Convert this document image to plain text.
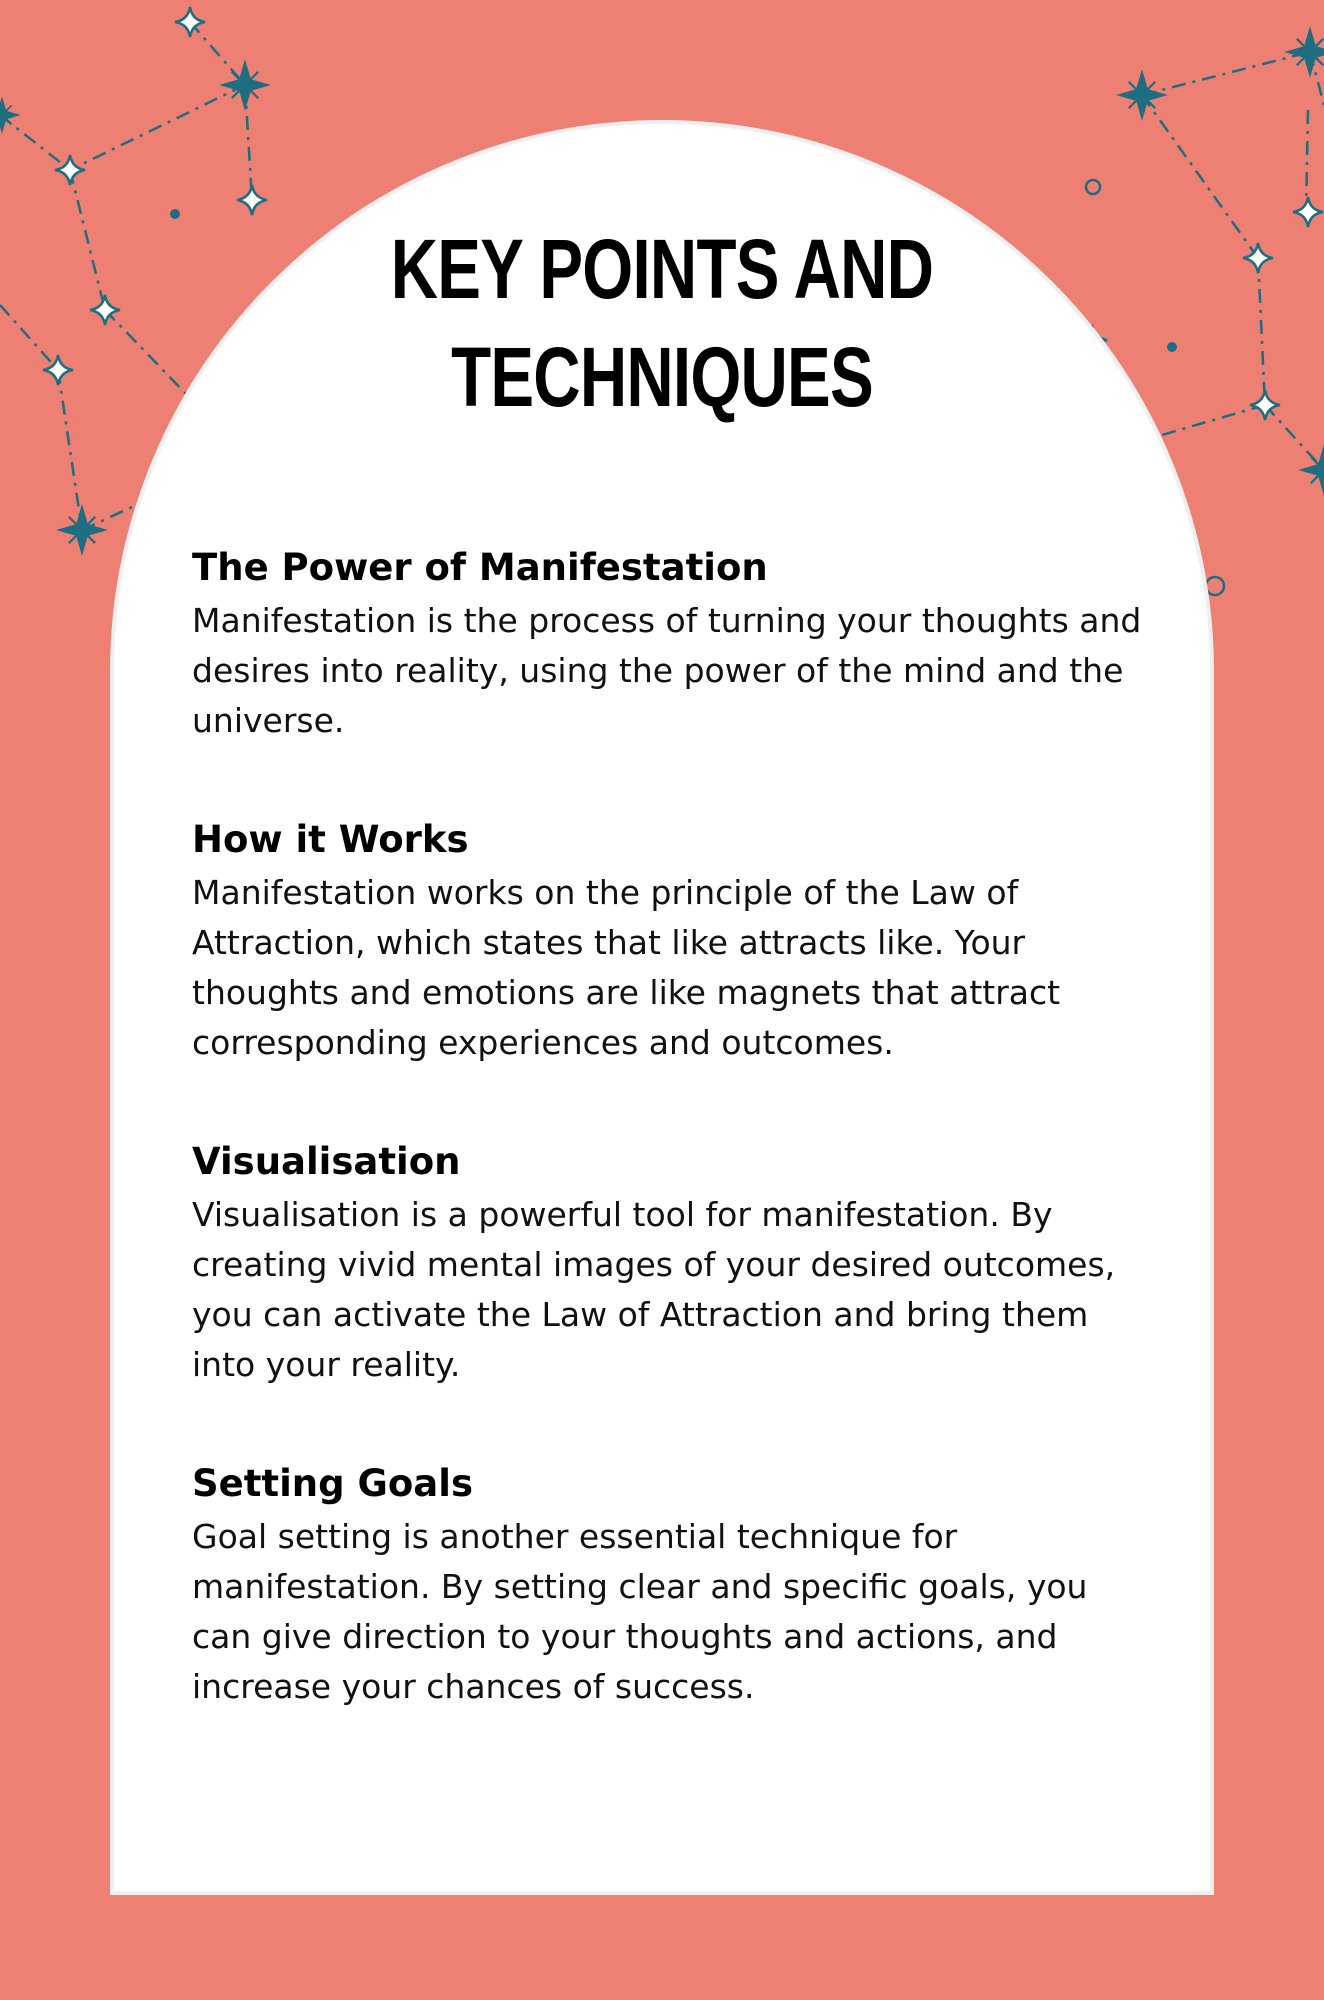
KEY POINTS AND
TECHNIQUES
The Power of Manifestation

Manifestation is the process of turning your thoughts and desires into reality, using the power of the mind and the universe.

How it Works

Manifestation works on the principle of the Law of Attraction, which states that like attracts like. Your thoughts and emotions are like magnets that attract corresponding experiences and outcomes.

Visualisation

Visualisation is a powerful tool for manifestation. By creating vivid mental images of your desired outcomes, you can activate the Law of Attraction and bring them into your reality.

Setting Goals

Goal setting is another essential technique for manifestation. By setting clear and specific goals, you can give direction to your thoughts and actions, and increase your chances of success.
